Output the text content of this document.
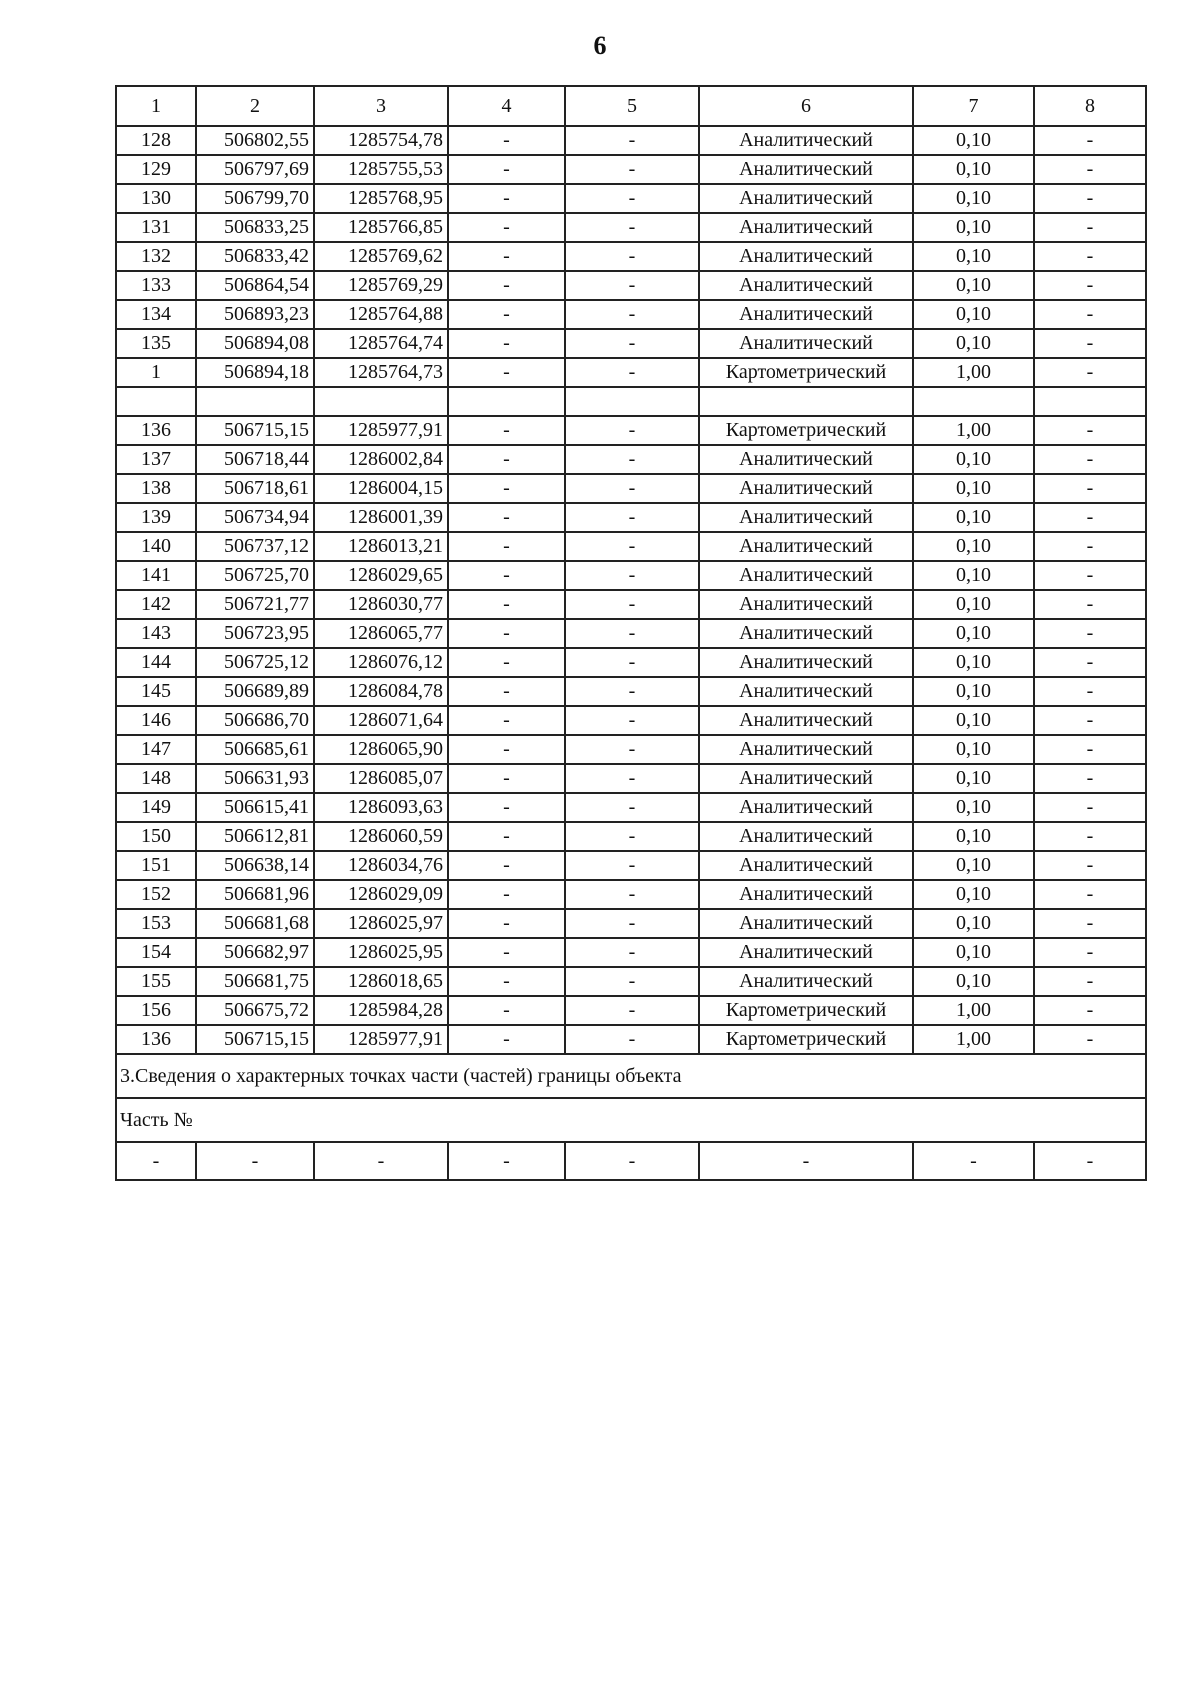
6
1	2	3	4	5	6	7	8
128	506802,55	1285754,78	-	-	Аналитический	0,10	-
129	506797,69	1285755,53	-	-	Аналитический	0,10	-
130	506799,70	1285768,95	-	-	Аналитический	0,10	-
131	506833,25	1285766,85	-	-	Аналитический	0,10	-
132	506833,42	1285769,62	-	-	Аналитический	0,10	-
133	506864,54	1285769,29	-	-	Аналитический	0,10	-
134	506893,23	1285764,88	-	-	Аналитический	0,10	-
135	506894,08	1285764,74	-	-	Аналитический	0,10	-
1	506894,18	1285764,73	-	-	Картометрический	1,00	-

136	506715,15	1285977,91	-	-	Картометрический	1,00	-
137	506718,44	1286002,84	-	-	Аналитический	0,10	-
138	506718,61	1286004,15	-	-	Аналитический	0,10	-
139	506734,94	1286001,39	-	-	Аналитический	0,10	-
140	506737,12	1286013,21	-	-	Аналитический	0,10	-
141	506725,70	1286029,65	-	-	Аналитический	0,10	-
142	506721,77	1286030,77	-	-	Аналитический	0,10	-
143	506723,95	1286065,77	-	-	Аналитический	0,10	-
144	506725,12	1286076,12	-	-	Аналитический	0,10	-
145	506689,89	1286084,78	-	-	Аналитический	0,10	-
146	506686,70	1286071,64	-	-	Аналитический	0,10	-
147	506685,61	1286065,90	-	-	Аналитический	0,10	-
148	506631,93	1286085,07	-	-	Аналитический	0,10	-
149	506615,41	1286093,63	-	-	Аналитический	0,10	-
150	506612,81	1286060,59	-	-	Аналитический	0,10	-
151	506638,14	1286034,76	-	-	Аналитический	0,10	-
152	506681,96	1286029,09	-	-	Аналитический	0,10	-
153	506681,68	1286025,97	-	-	Аналитический	0,10	-
154	506682,97	1286025,95	-	-	Аналитический	0,10	-
155	506681,75	1286018,65	-	-	Аналитический	0,10	-
156	506675,72	1285984,28	-	-	Картометрический	1,00	-
136	506715,15	1285977,91	-	-	Картометрический	1,00	-
3.Сведения о характерных точках части (частей) границы объекта							
Часть №							
-	-	-	-	-	-	-	-
